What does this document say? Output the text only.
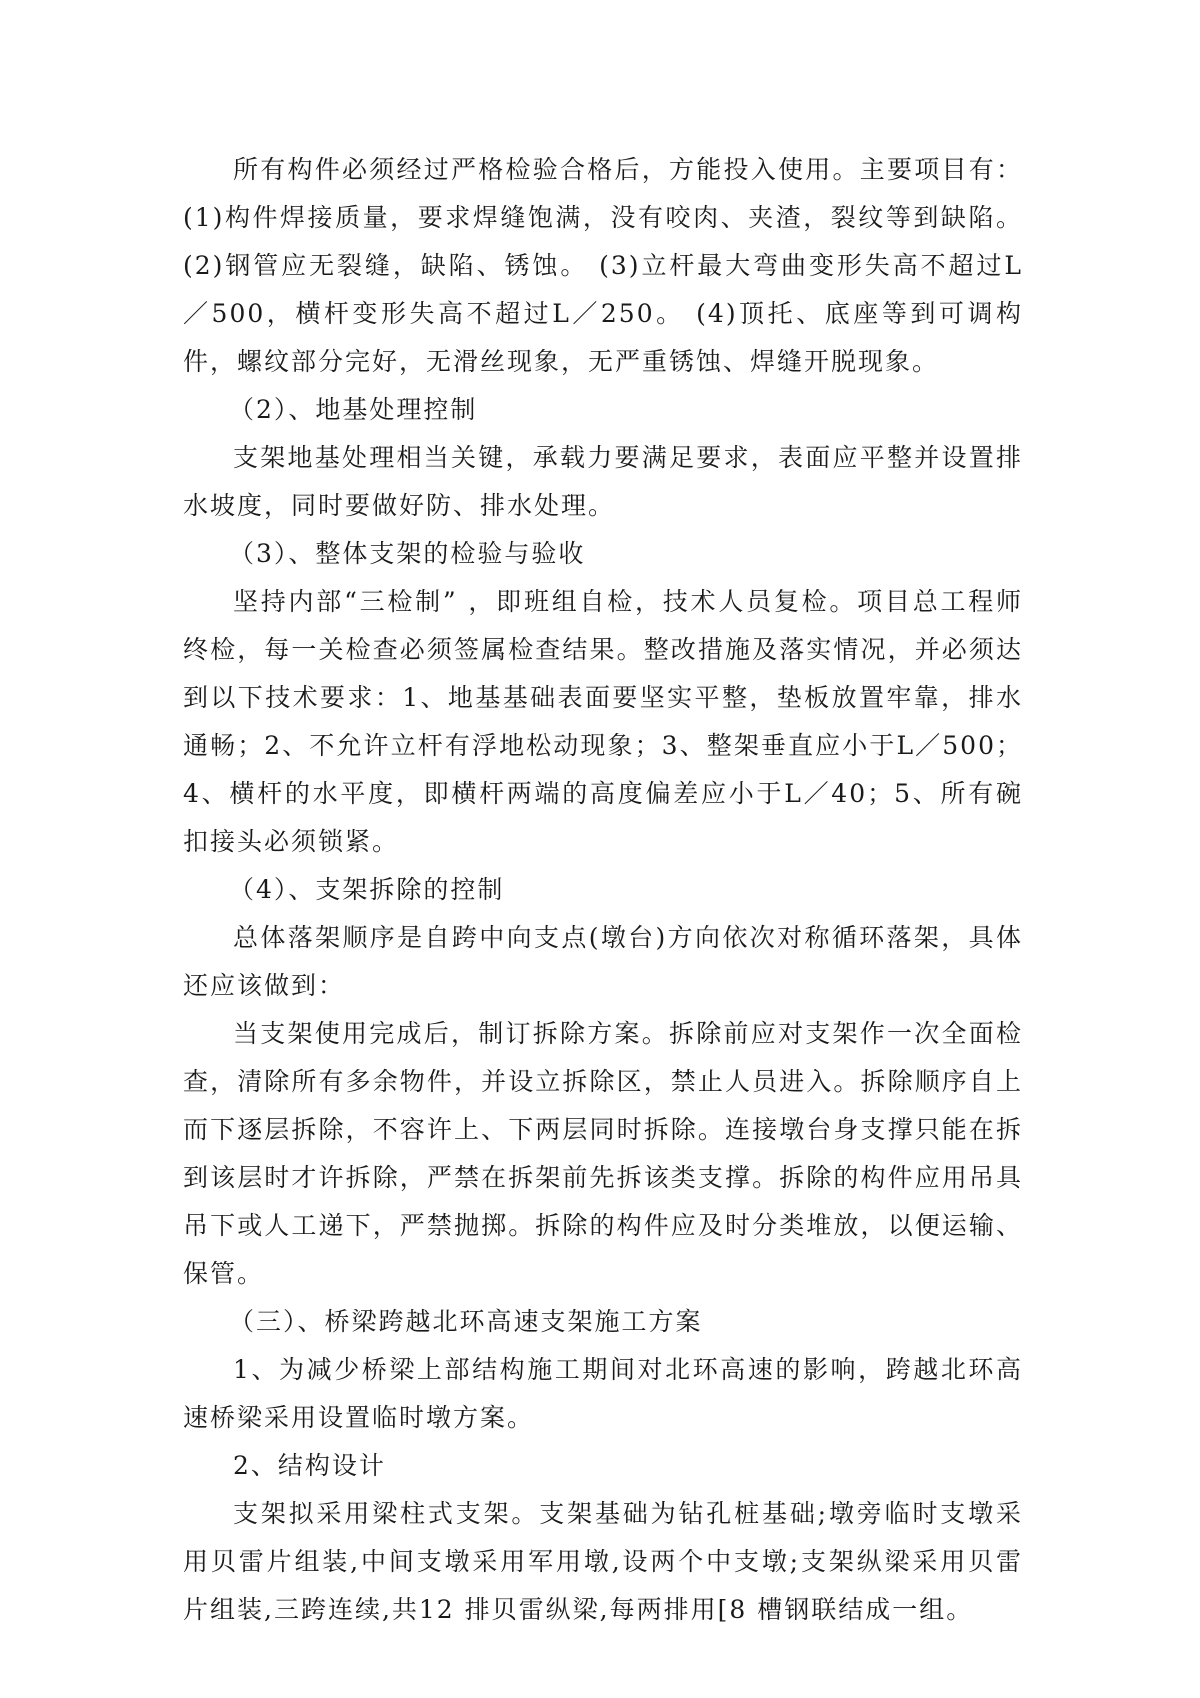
所有构件必须经过严格检验合格后，方能投入使用。主要项目有： (1)构件焊接质量，要求焊缝饱满，没有咬肉、夹渣，裂纹等到缺陷。 (2)钢管应无裂缝，缺陷、锈蚀。 (3)立杆最大弯曲变形失高不超过L／500，横杆变形失高不超过L／250。 (4)顶托、底座等到可调构件，螺纹部分完好，无滑丝现象，无严重锈蚀、焊缝开脱现象。

（2）、地基处理控制

支架地基处理相当关键，承载力要满足要求，表面应平整并设置排水坡度，同时要做好防、排水处理。

（3）、整体支架的检验与验收

坚持内部“三检制” ，即班组自检，技术人员复检。项目总工程师终检，每一关检查必须签属检查结果。整改措施及落实情况，并必须达到以下技术要求：1、地基基础表面要坚实平整，垫板放置牢靠，排水通畅；2、不允许立杆有浮地松动现象；3、整架垂直应小于L／500；4、横杆的水平度，即横杆两端的高度偏差应小于L／40；5、所有碗扣接头必须锁紧。

（4）、支架拆除的控制

总体落架顺序是自跨中向支点(墩台)方向依次对称循环落架，具体还应该做到：

当支架使用完成后，制订拆除方案。拆除前应对支架作一次全面检查，清除所有多余物件，并设立拆除区，禁止人员进入。拆除顺序自上而下逐层拆除，不容许上、下两层同时拆除。连接墩台身支撑只能在拆到该层时才许拆除，严禁在拆架前先拆该类支撑。拆除的构件应用吊具吊下或人工递下，严禁抛掷。拆除的构件应及时分类堆放，以便运输、保管。

（三）、桥梁跨越北环高速支架施工方案

1、为减少桥梁上部结构施工期间对北环高速的影响，跨越北环高速桥梁采用设置临时墩方案。

2、结构设计

支架拟采用梁柱式支架。支架基础为钻孔桩基础;墩旁临时支墩采用贝雷片组装,中间支墩采用军用墩,设两个中支墩;支架纵梁采用贝雷片组装,三跨连续,共12 排贝雷纵梁,每两排用[8 槽钢联结成一组。
